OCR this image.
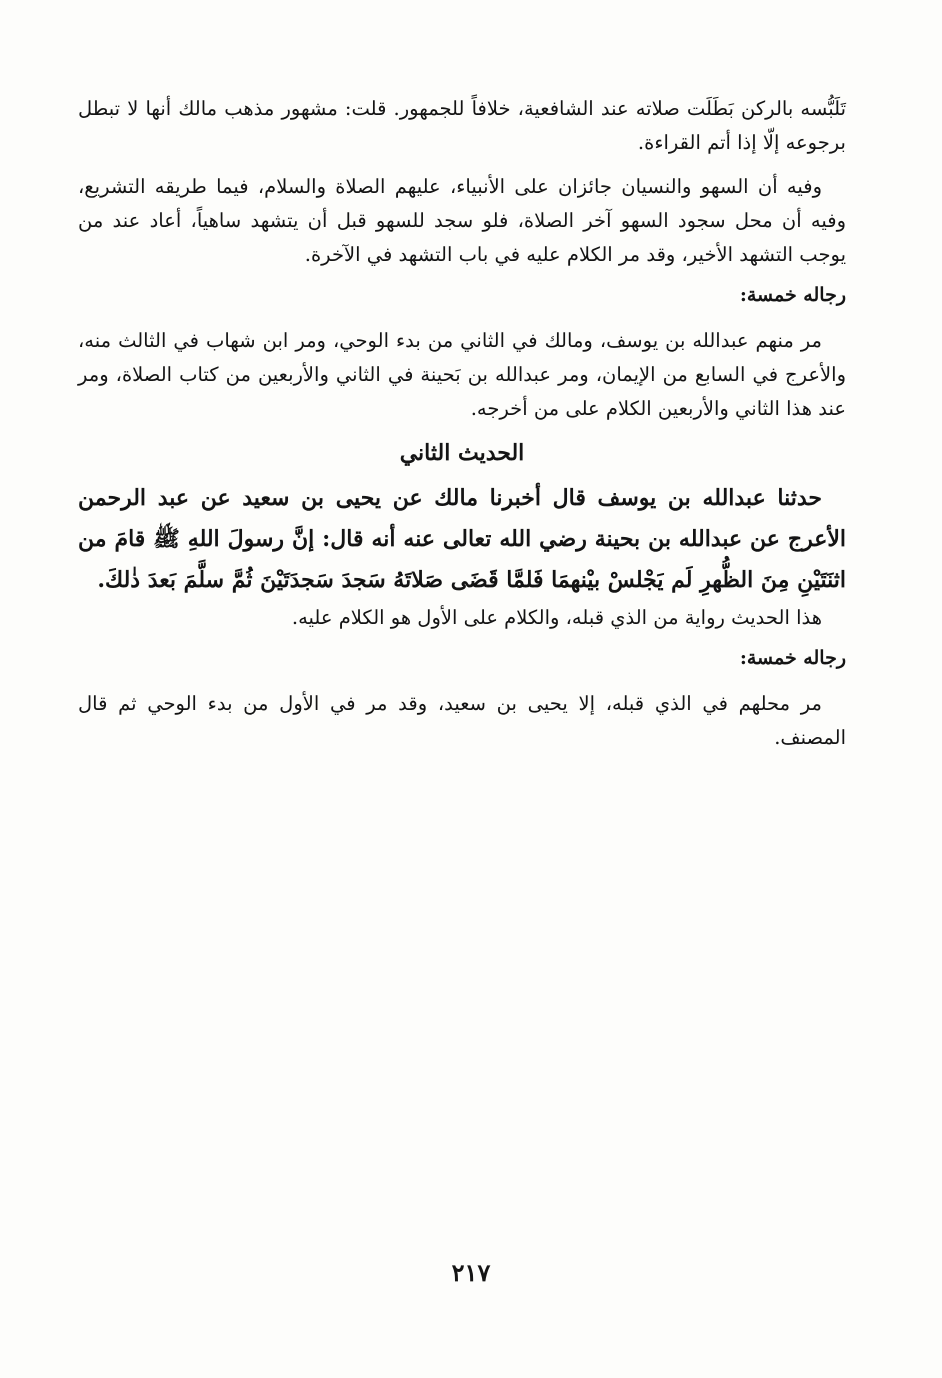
تَلَبُّسه بالركن بَطَلَت صلاته عند الشافعية، خلافاً للجمهور. قلت: مشهور مذهب مالك أنها لا تبطل برجوعه إلّا إذا أتم القراءة.

وفيه أن السهو والنسيان جائزان على الأنبياء، عليهم الصلاة والسلام، فيما طريقه التشريع، وفيه أن محل سجود السهو آخر الصلاة، فلو سجد للسهو قبل أن يتشهد ساهياً، أعاد عند من يوجب التشهد الأخير، وقد مر الكلام عليه في باب التشهد في الآخرة.

رجاله خمسة:

مر منهم عبدالله بن يوسف، ومالك في الثاني من بدء الوحي، ومر ابن شهاب في الثالث منه، والأعرج في السابع من الإيمان، ومر عبدالله بن بَحينة في الثاني والأربعين من كتاب الصلاة، ومر عند هذا الثاني والأربعين الكلام على من أخرجه.

الحديث الثاني

حدثنا عبدالله بن يوسف قال أخبرنا مالك عن يحيى بن سعيد عن عبد الرحمن الأعرج عن عبدالله بن بحينة رضي الله تعالى عنه أنه قال: إنَّ رسولَ اللهِ ﷺ قامَ من اثنَتَيْنِ مِنَ الظُّهرِ لَم يَجْلسْ بيْنهمَا فَلمَّا قَضَى صَلاتَهُ سَجدَ سَجدَتَيْنَ ثُمَّ سلَّمَ بَعدَ ذٰلكَ.

هذا الحديث رواية من الذي قبله، والكلام على الأول هو الكلام عليه.

رجاله خمسة:

مر محلهم في الذي قبله، إلا يحيى بن سعيد، وقد مر في الأول من بدء الوحي ثم قال المصنف.

٢١٧
